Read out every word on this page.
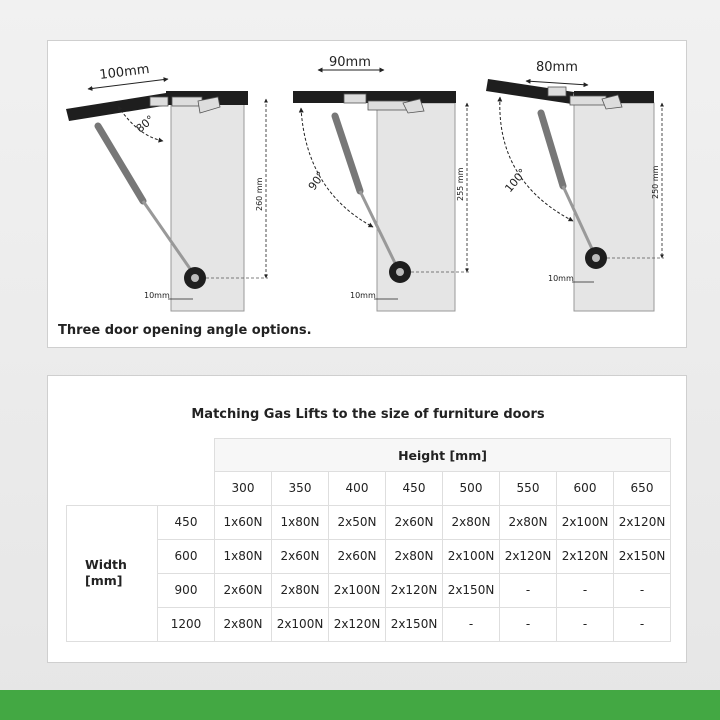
80°
100mm
260 mm
10mm
90°
90mm
255 mm
10mm
100°
80mm
250 mm
10mm
Three door opening angle options.
Matching Gas Lifts to the size of furniture doors
		Height [mm]							
		300	350	400	450	500	550	600	650
Width
[mm]	450	1x60N	1x80N	2x50N	2x60N	2x80N	2x80N	2x100N	2x120N
	600	1x80N	2x60N	2x60N	2x80N	2x100N	2x120N	2x120N	2x150N
	900	2x60N	2x80N	2x100N	2x120N	2x150N	-	-	-
	1200	2x80N	2x100N	2x120N	2x150N	-	-	-	-
